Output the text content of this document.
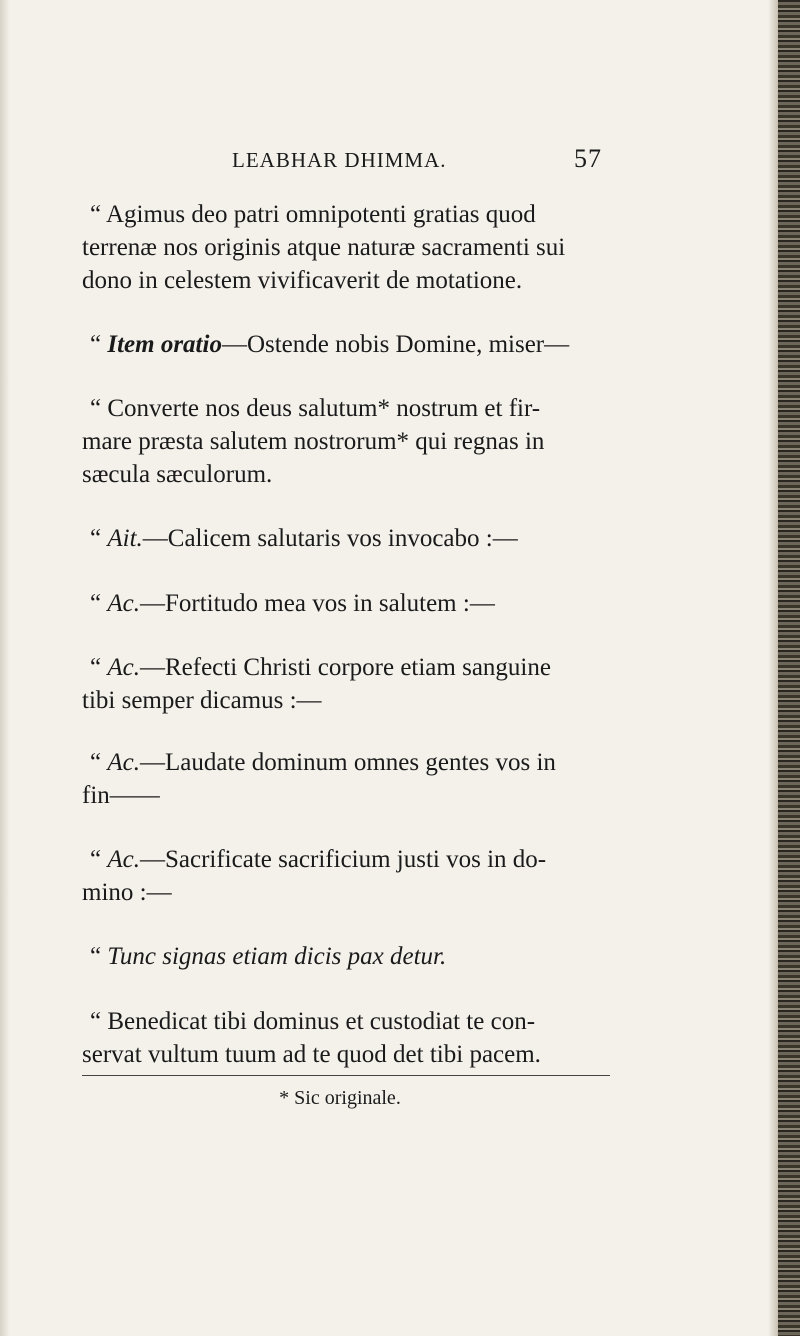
LEABHAR DHIMMA.	57
“ Agimus deo patri omnipotenti gratias quod
terrenæ nos originis atque naturæ sacramenti sui
dono in celestem vivificaverit de motatione.
“ Item oratio—Ostende nobis Domine, miser—
“ Converte nos deus salutum* nostrum et fir-
mare præsta salutem nostrorum* qui regnas in
sæcula sæculorum.
“ Ait.—Calicem salutaris vos invocabo :—
“ Ac.—Fortitudo mea vos in salutem :—
“ Ac.—Refecti Christi corpore etiam sanguine
tibi semper dicamus :—
“ Ac.—Laudate dominum omnes gentes vos in
fin——
“ Ac.—Sacrificate sacrificium justi vos in do-
mino :—
“ Tunc signas etiam dicis pax detur.
“ Benedicat tibi dominus et custodiat te con-
servat vultum tuum ad te quod det tibi pacem.
* Sic originale.
